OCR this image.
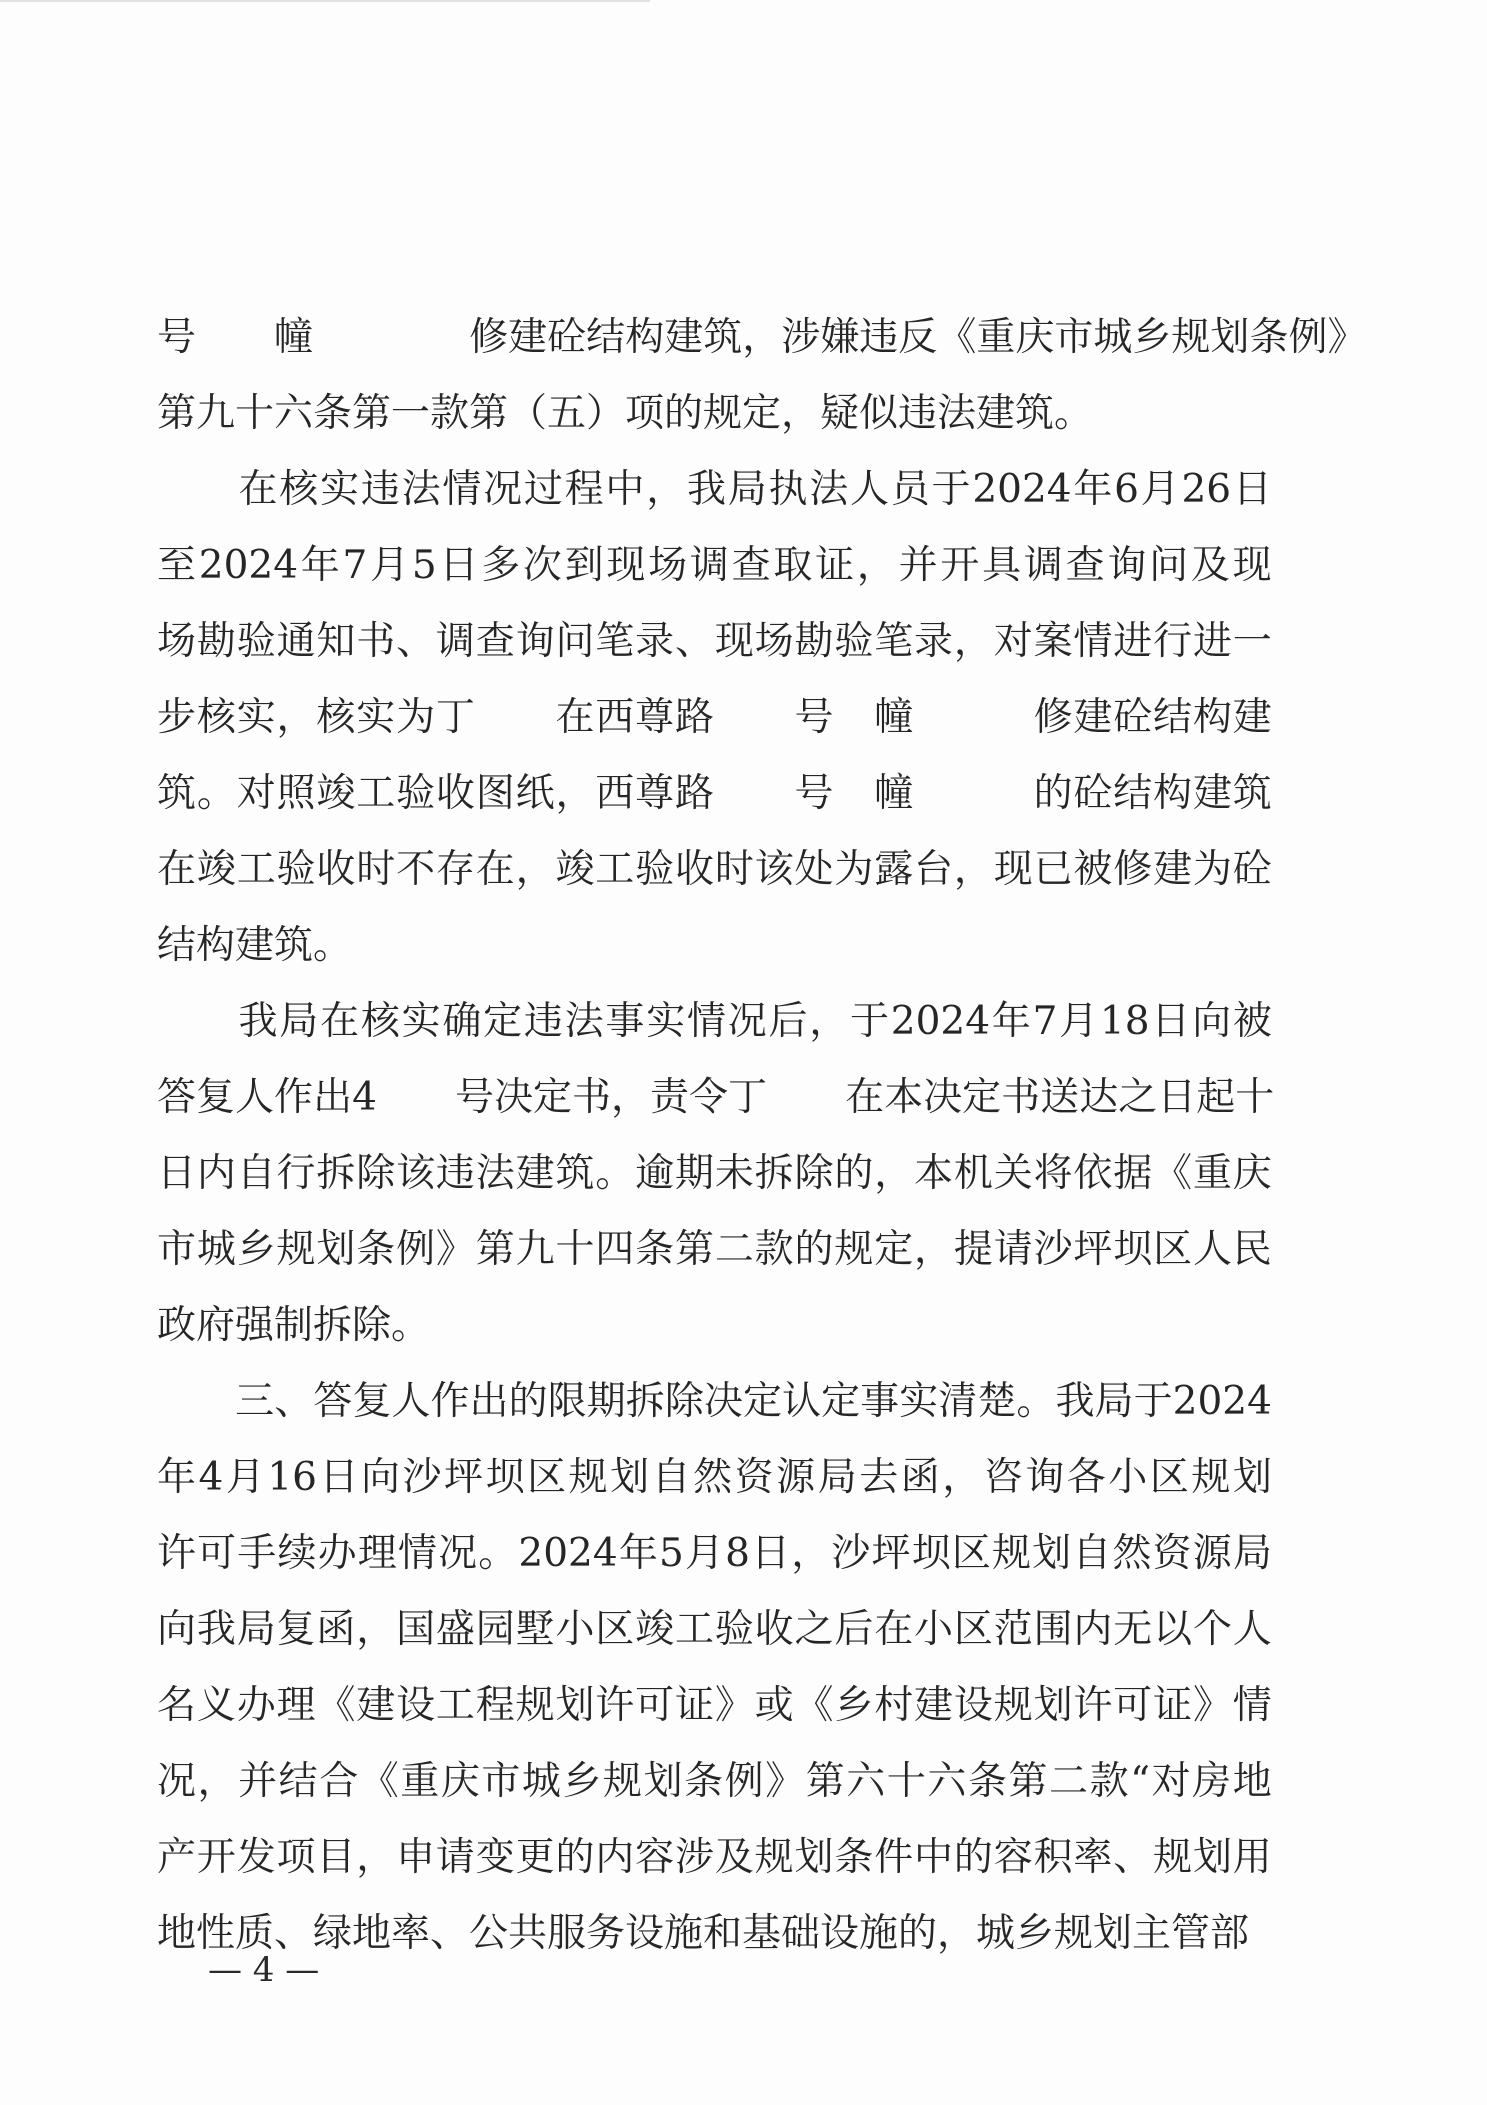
号

　 幢

　	修 建 砼 结 构 建 筑 ， 涉 嫌 违 反 《 重 庆 市 城 乡 规 划 条 例 》
第九十六条第一款第（五）项的规定，疑似违法建筑。

在 核 实 违 法 情 况 过 程 中 ， 我 局 执 法 人 员 于 2024 年 6 月 26 日
至 2024 年 7 月 5 日 多 次 到 现 场 调 查 取 证 ， 并 开 具 调 查 询 问 及 现
场 勘 验 通 知 书 、 调 查 询 问 笔 录 、 现 场 勘 验 笔 录 ， 对 案 情 进 行 进 一
步 核 实 ， 核 实 为 丁

　 在 西 尊 路

　 号
　 幢

　	修 建 砼 结 构 建
筑 。 对 照 竣 工 验 收 图 纸 ， 西 尊 路

　 号
　 幢

　	的 砼 结 构 建 筑
在 竣 工 验 收 时 不 存 在 ， 竣 工 验 收 时 该 处 为 露 台 ， 现 已 被 修 建 为 砼
结构建筑。

我 局 在 核 实 确 定 违 法 事 实 情 况 后 ， 于 2024 年 7 月 18 日 向 被
答 复 人 作 出 4

　 号 决 定 书 ， 责 令 丁

　 在 本 决 定 书 送 达 之 日 起 十
日 内 自 行 拆 除 该 违 法 建 筑 。 逾 期 未 拆 除 的 ， 本 机 关 将 依 据 《 重 庆
市 城 乡 规 划 条 例 》 第 九 十 四 条 第 二 款 的 规 定 ， 提 请 沙 坪 坝 区 人 民
政府强制拆除。

三 、 答 复 人 作 出 的 限 期 拆 除 决 定 认 定 事 实 清 楚 。 我 局 于 2024
年 4 月 16 日 向 沙 坪 坝 区 规 划 自 然 资 源 局 去 函 ， 咨 询 各 小 区 规 划
许 可 手 续 办 理 情 况 。 2024 年 5 月 8 日 ， 沙 坪 坝 区 规 划 自 然 资 源 局
向 我 局 复 函 ， 国 盛 园 墅 小 区 竣 工 验 收 之 后 在 小 区 范 围 内 无 以 个 人
名 义 办 理 《 建 设 工 程 规 划 许 可 证 》 或 《 乡 村 建 设 规 划 许 可 证 》 情
况 ， 并 结 合 《 重 庆 市 城 乡 规 划 条 例 》 第 六 十 六 条 第 二 款 “ 对 房 地
产 开 发 项 目 ， 申 请 变 更 的 内 容 涉 及 规 划 条 件 中 的 容 积 率 、 规 划 用
地性质、绿地率、公共服务设施和基础设施的，城乡规划主管部
— 4 —
